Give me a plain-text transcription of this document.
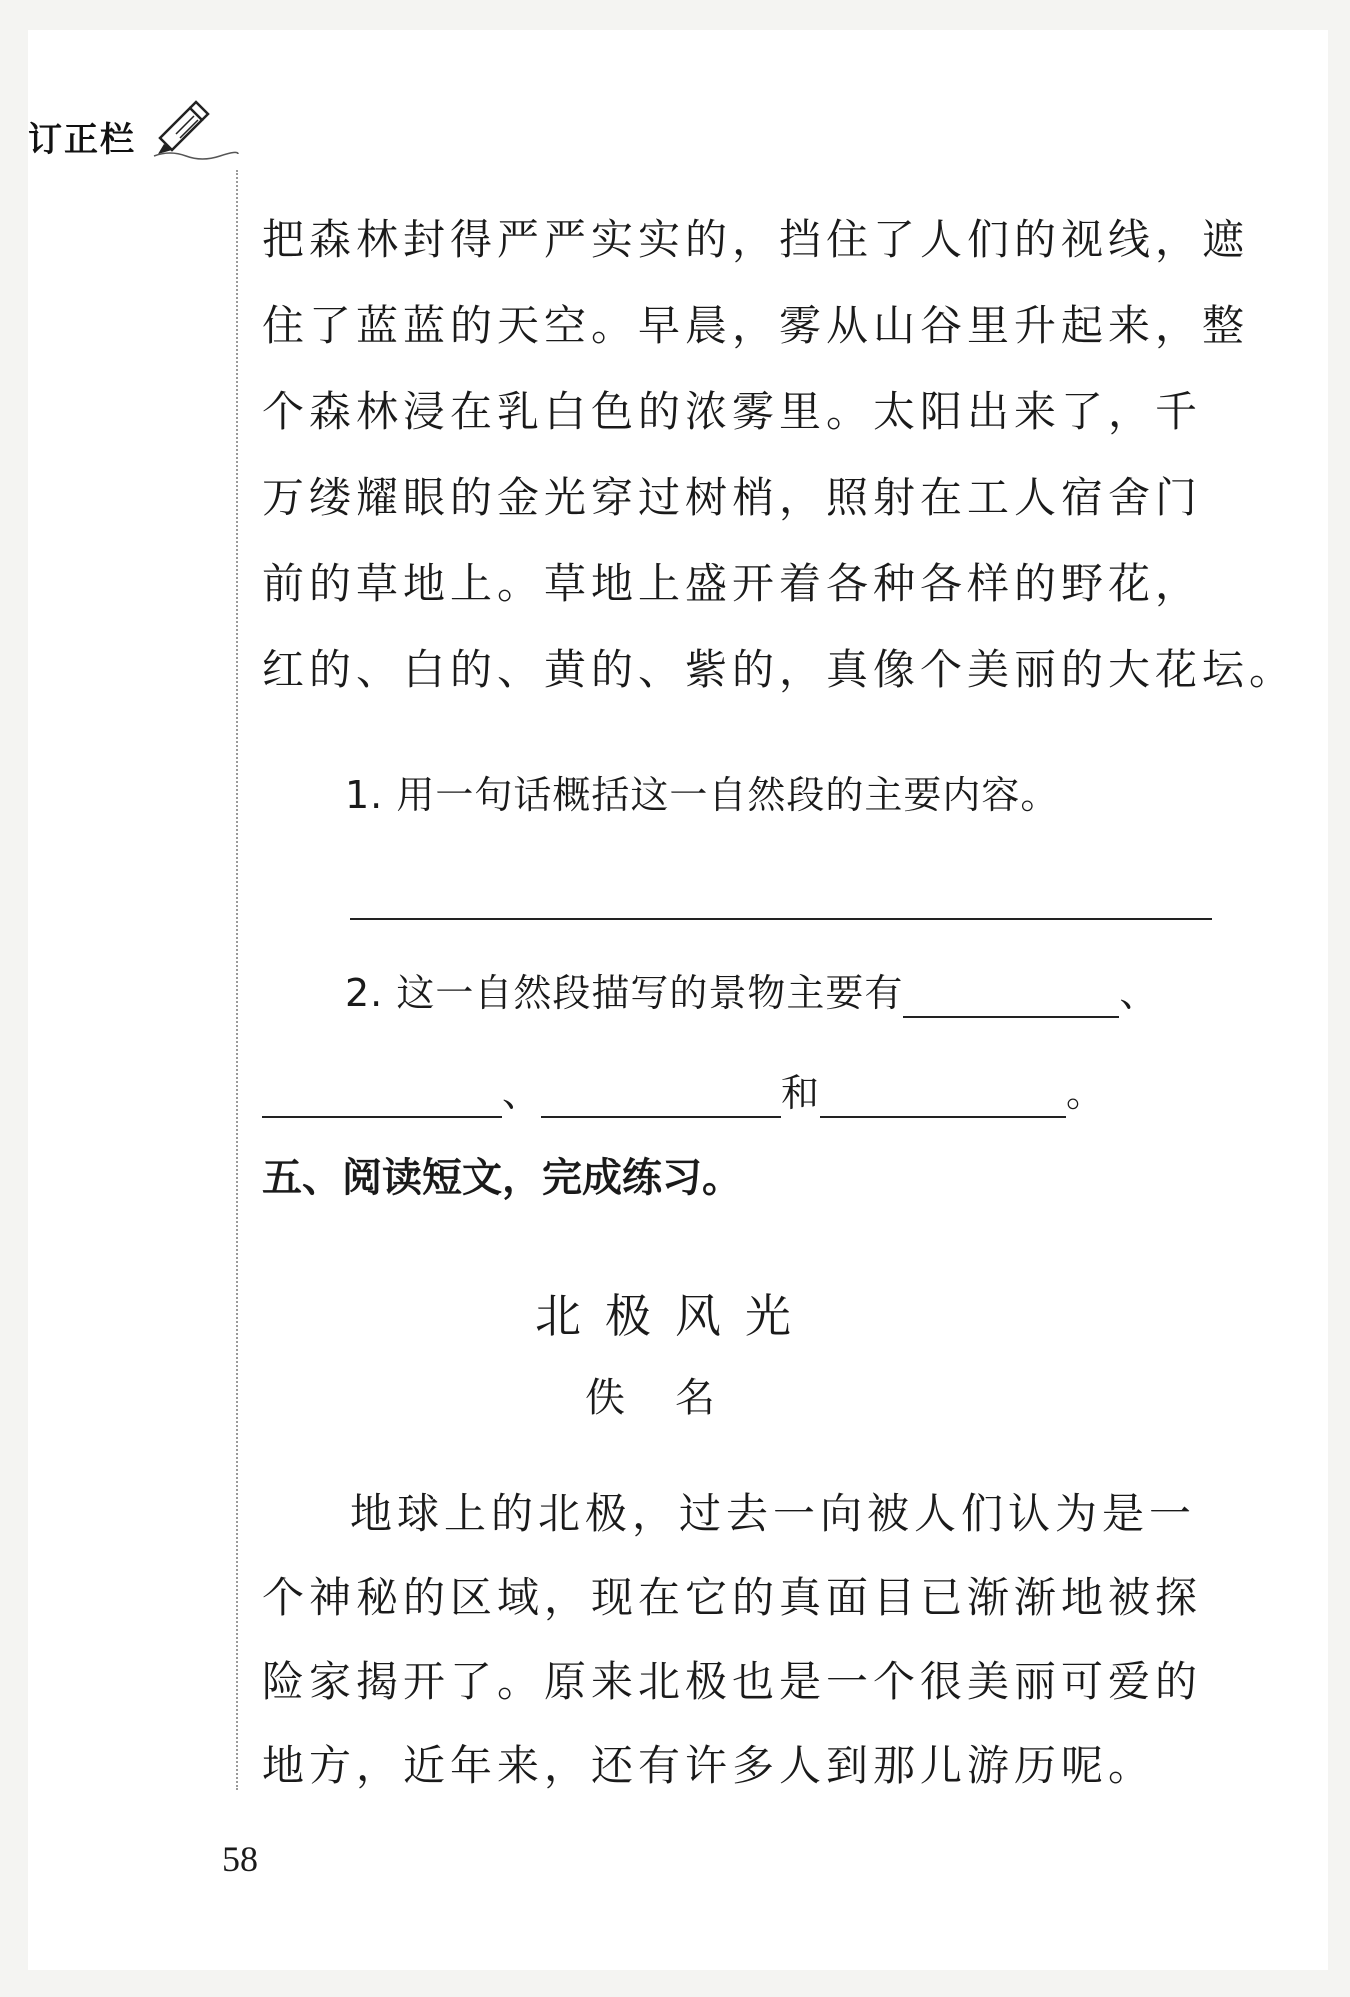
订正栏
把森林封得严严实实的，挡住了人们的视线，遮
住了蓝蓝的天空。早晨，雾从山谷里升起来，整
个森林浸在乳白色的浓雾里。太阳出来了，千
万缕耀眼的金光穿过树梢，照射在工人宿舍门
前的草地上。草地上盛开着各种各样的野花，
红的、白的、黄的、紫的，真像个美丽的大花坛。
1. 用一句话概括这一自然段的主要内容。
2. 这一自然段描写的景物主要有	、
、	和	。
五、阅读短文，完成练习。
北极风光
佚名
地球上的北极，过去一向被人们认为是一
个神秘的区域，现在它的真面目已渐渐地被探
险家揭开了。原来北极也是一个很美丽可爱的
地方，近年来，还有许多人到那儿游历呢。
58
